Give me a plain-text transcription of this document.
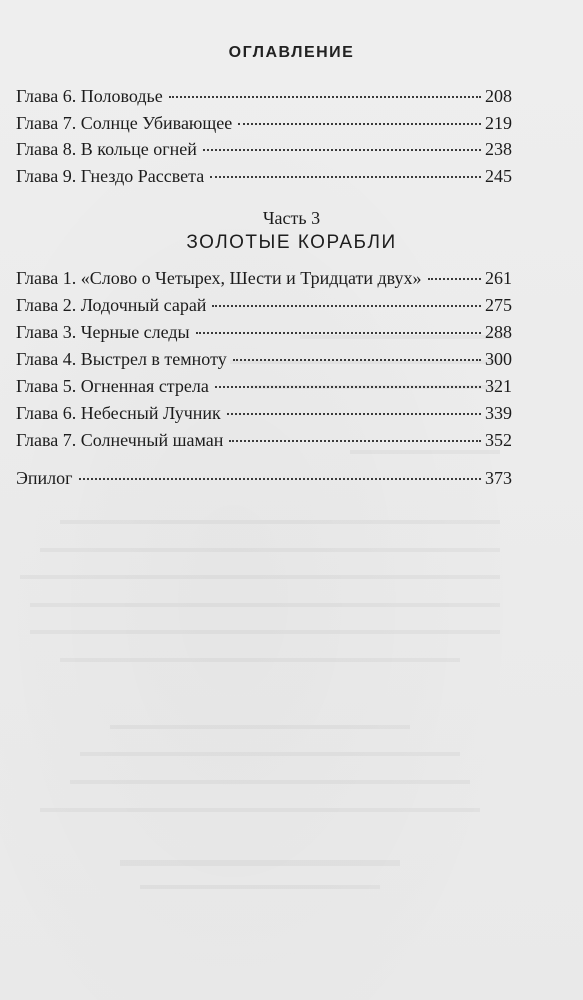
ОГЛАВЛЕНИЕ
Глава 6. Половодье	208
Глава 7. Солнце Убивающее	219
Глава 8. В кольце огней	238
Глава 9. Гнездо Рассвета	245
Часть 3
ЗОЛОТЫЕ КОРАБЛИ
Глава 1. «Слово о Четырех, Шести и Тридцати двух»	261
Глава 2. Лодочный сарай	275
Глава 3. Черные следы	288
Глава 4. Выстрел в темноту	300
Глава 5. Огненная стрела	321
Глава 6. Небесный Лучник	339
Глава 7. Солнечный шаман	352
Эпилог	373
